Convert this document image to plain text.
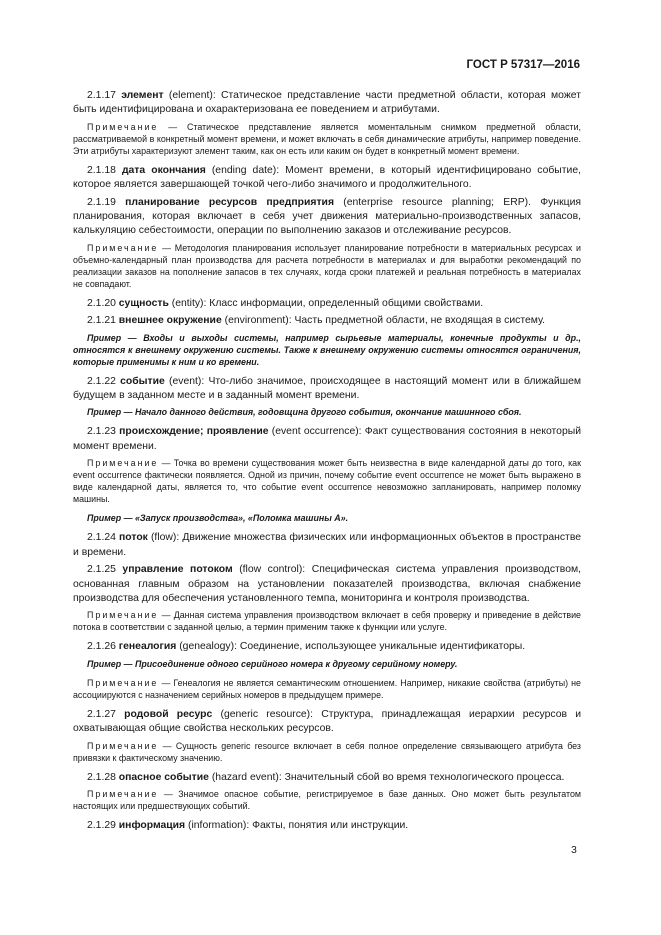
ГОСТ Р 57317—2016
2.1.17 элемент (element): Статическое представление части предметной области, которая может быть идентифицирована и охарактеризована ее поведением и атрибутами.
Примечание — Статическое представление является моментальным снимком предметной области, рассматриваемой в конкретный момент времени, и может включать в себя динамические атрибуты, например поведение. Эти атрибуты характеризуют элемент таким, как он есть или каким он будет в конкретный момент времени.
2.1.18 дата окончания (ending date): Момент времени, в который идентифицировано событие, которое является завершающей точкой чего-либо значимого и продолжительного.
2.1.19 планирование ресурсов предприятия (enterprise resource planning; ERP). Функция планирования, которая включает в себя учет движения материально-производственных запасов, калькуляцию себестоимости, операции по выполнению заказов и отслеживание ресурсов.
Примечание — Методология планирования использует планирование потребности в материальных ресурсах и объемно-календарный план производства для расчета потребности в материалах и для выработки рекомендаций по реализации заказов на пополнение запасов в тех случаях, когда сроки платежей и реальная потребность в материалах не совпадают.
2.1.20 сущность (entity): Класс информации, определенный общими свойствами.
2.1.21 внешнее окружение (environment): Часть предметной области, не входящая в систему.
Пример — Входы и выходы системы, например сырьевые материалы, конечные продукты и др., относятся к внешнему окружению системы. Также к внешнему окружению системы относятся ограничения, которые применимы к ним и ко времени.
2.1.22 событие (event): Что-либо значимое, происходящее в настоящий момент или в ближайшем будущем в заданном месте и в заданный момент времени.
Пример — Начало данного действия, годовщина другого события, окончание машинного сбоя.
2.1.23 происхождение; проявление (event occurrence): Факт существования состояния в некоторый момент времени.
Примечание — Точка во времени существования может быть неизвестна в виде календарной даты до того, как event occurrence фактически появляется. Одной из причин, почему событие event occurrence не может быть выражено в виде календарной даты, является то, что событие event occurrence невозможно запланировать, например поломку машины.
Пример — «Запуск производства», «Поломка машины А».
2.1.24 поток (flow): Движение множества физических или информационных объектов в пространстве и времени.
2.1.25 управление потоком (flow control): Специфическая система управления производством, основанная главным образом на установлении показателей производства, включая снабжение производства для обеспечения установленного темпа, мониторинга и контроля производства.
Примечание — Данная система управления производством включает в себя проверку и приведение в действие потока в соответствии с заданной целью, а термин применим также к функции или услуге.
2.1.26 генеалогия (genealogy): Соединение, использующее уникальные идентификаторы.
Пример — Присоединение одного серийного номера к другому серийному номеру.
Примечание — Генеалогия не является семантическим отношением. Например, никакие свойства (атрибуты) не ассоциируются с назначением серийных номеров в предыдущем примере.
2.1.27 родовой ресурс (generic resource): Структура, принадлежащая иерархии ресурсов и охватывающая общие свойства нескольких ресурсов.
Примечание — Сущность generic resource включает в себя полное определение связывающего атрибута без привязки к фактическому значению.
2.1.28 опасное событие (hazard event): Значительный сбой во время технологического процесса.
Примечание — Значимое опасное событие, регистрируемое в базе данных. Оно может быть результатом настоящих или предшествующих событий.
2.1.29 информация (information): Факты, понятия или инструкции.
3
